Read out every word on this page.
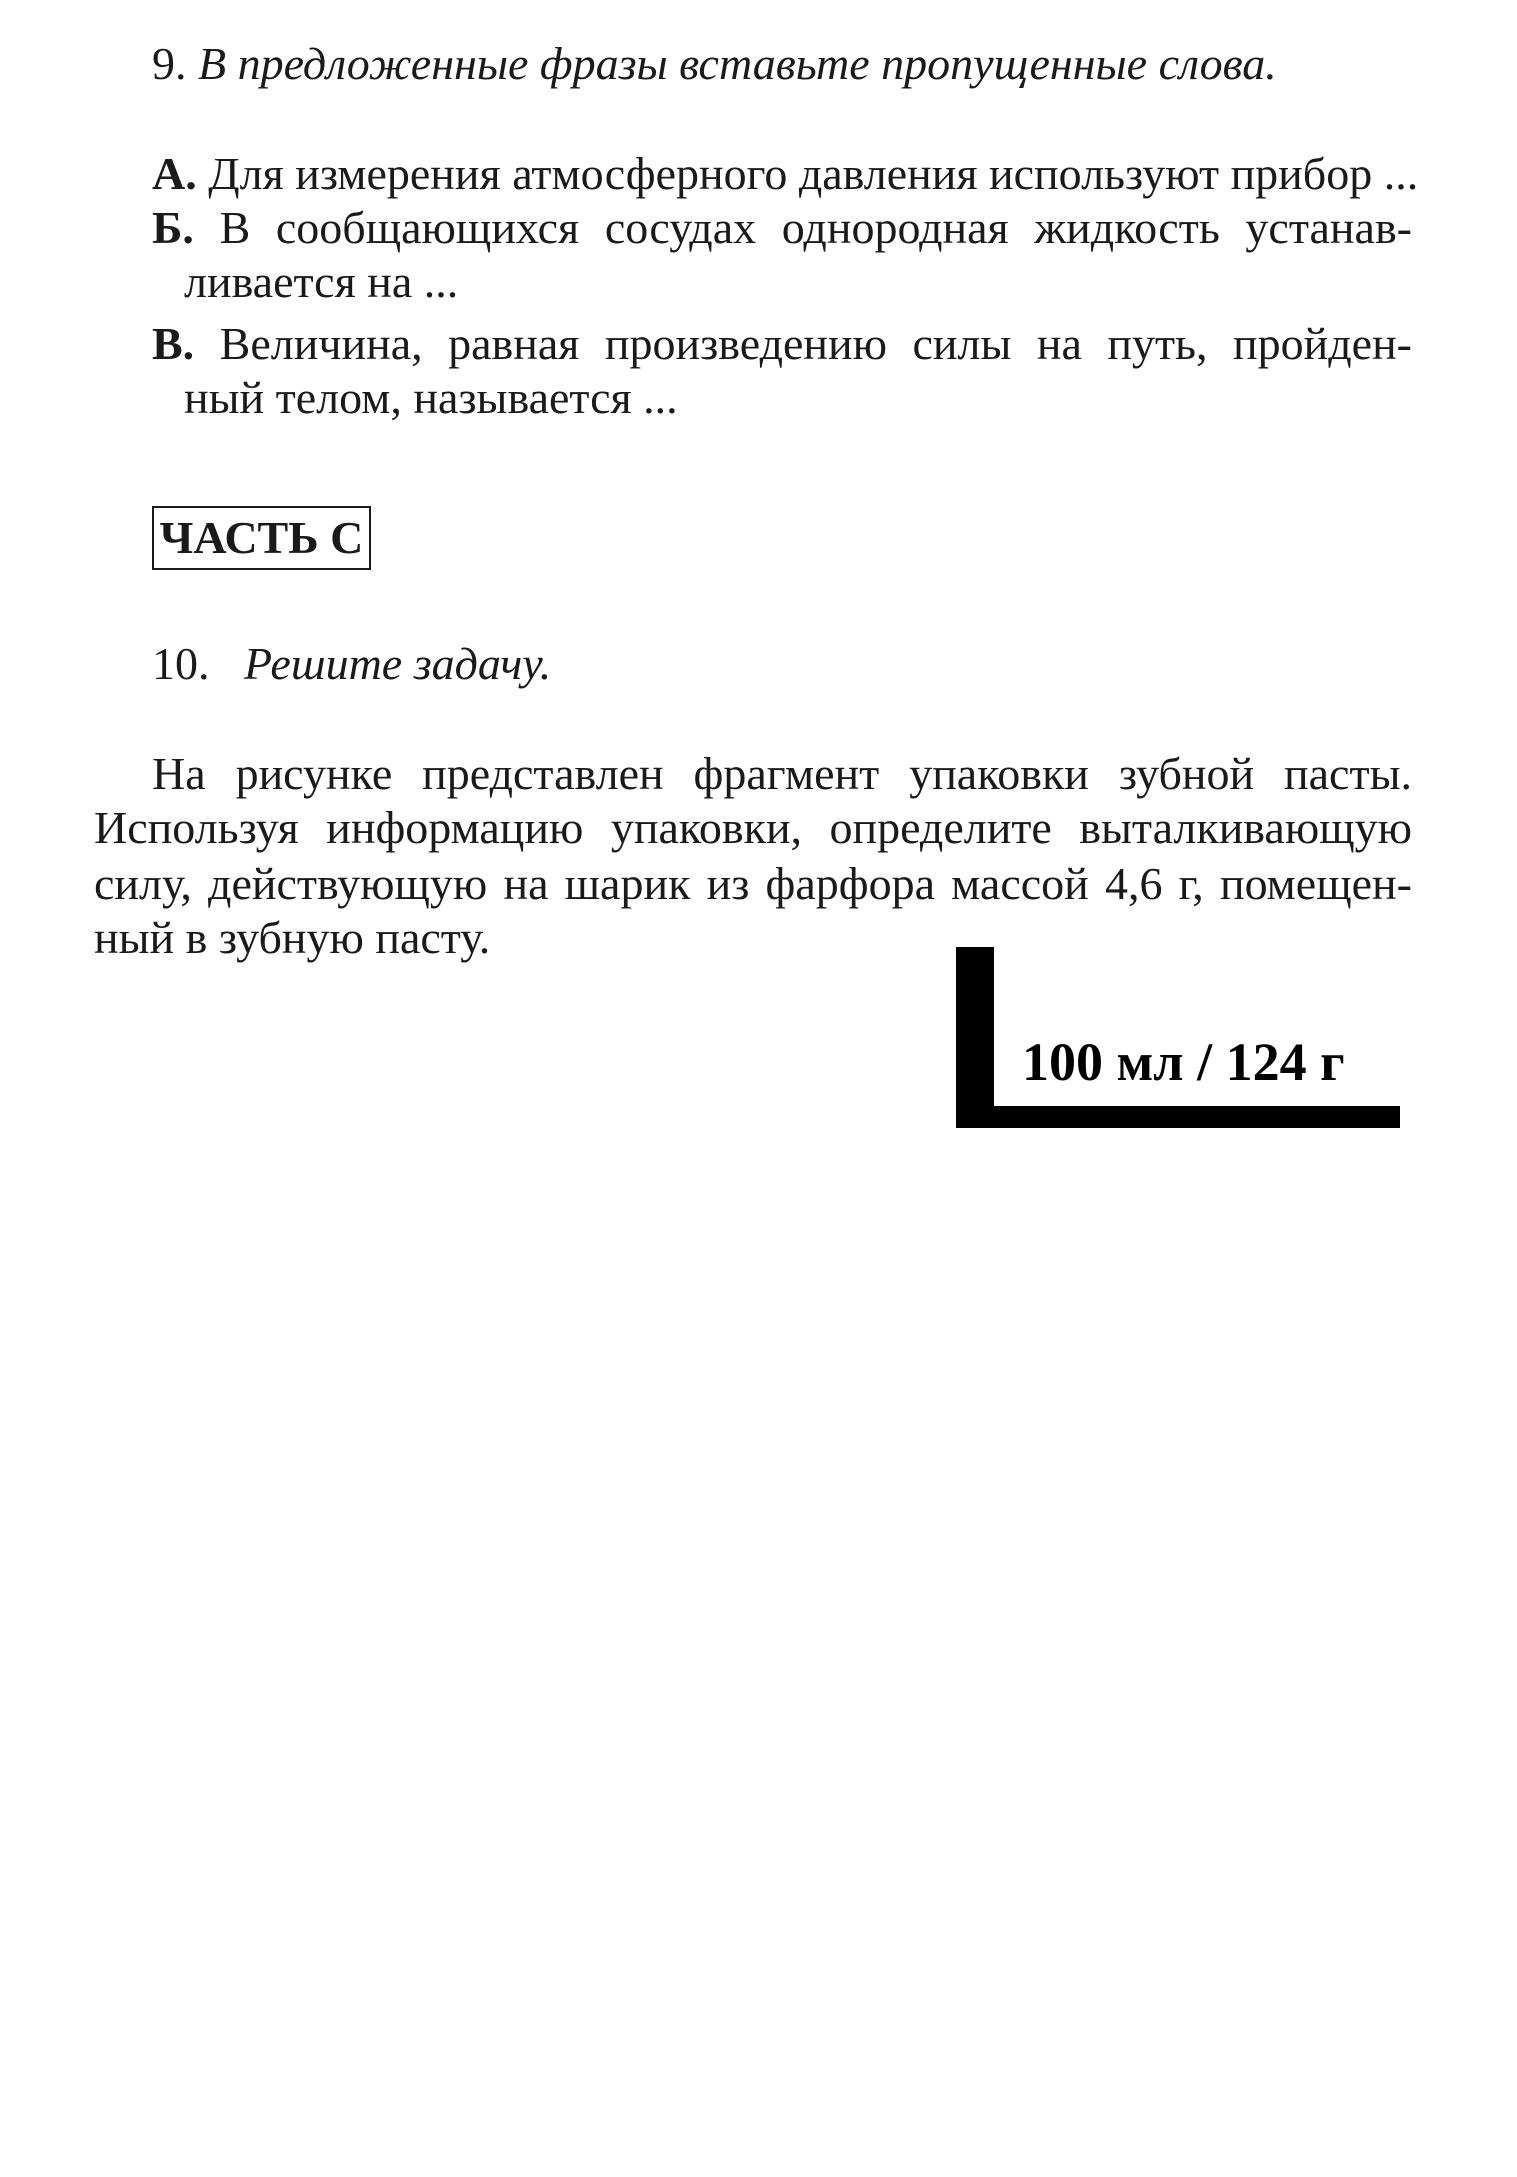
9. В предложенные фразы вставьте пропущенные слова.
А. Для измерения атмосферного давления используют прибор ...
Б. В сообщающихся сосудах однородная жидкость устанав-
ливается на ...
В. Величина, равная произведению силы на путь, пройден-
ный телом, называется ...
ЧАСТЬ С
10. Решите задачу.
На рисунке представлен фрагмент упаковки зубной пасты.
Используя информацию упаковки, определите выталкивающую
силу, действующую на шарик из фарфора массой 4,6 г, помещен-
ный в зубную пасту.
100 мл / 124 г
